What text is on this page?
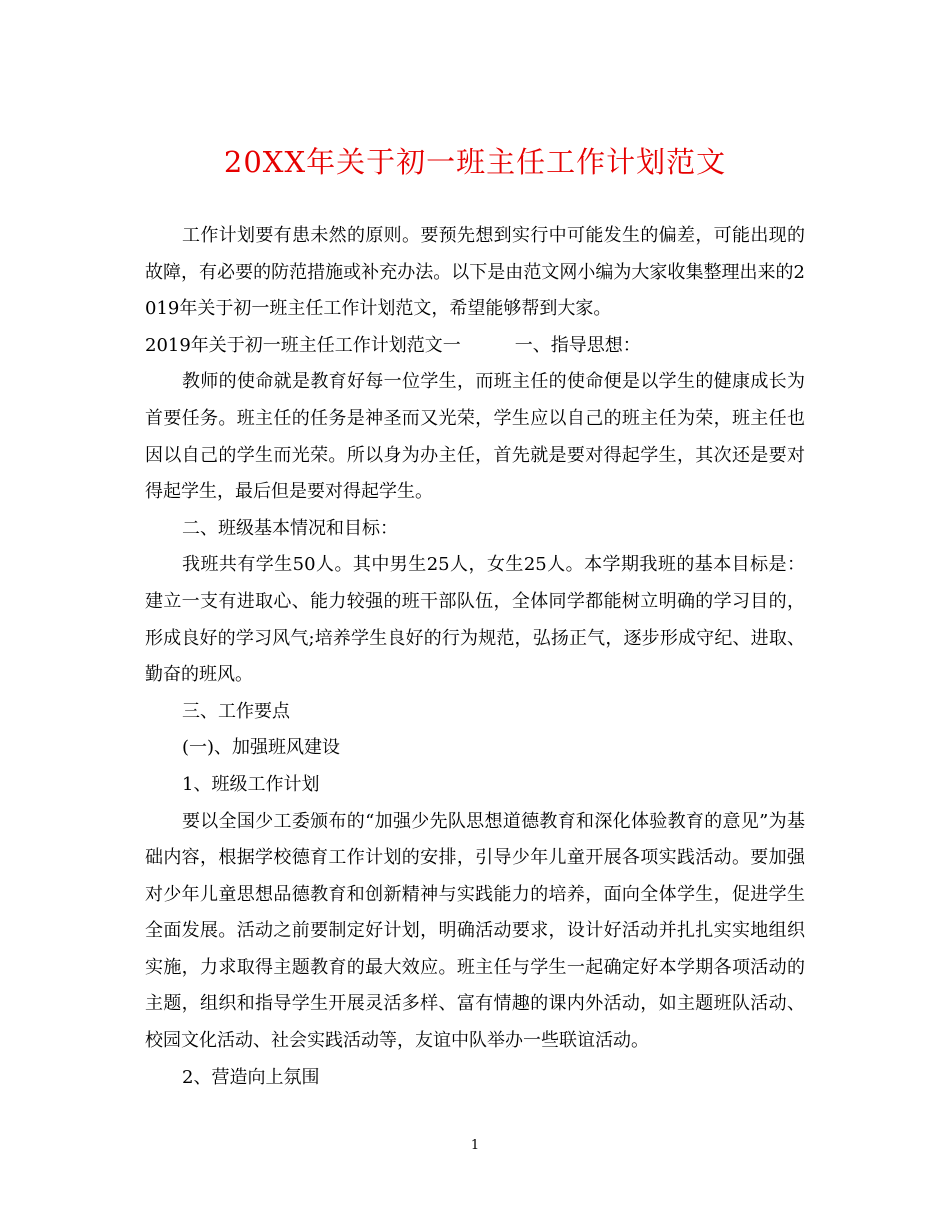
20XX年关于初一班主任工作计划范文

工作计划要有患未然的原则。要预先想到实行中可能发生的偏差，可能出现的故障，有必要的防范措施或补充办法。以下是由范文网小编为大家收集整理出来的2019年关于初一班主任工作计划范文，希望能够帮到大家。

2019年关于初一班主任工作计划范文一　　　一、指导思想：

教师的使命就是教育好每一位学生，而班主任的使命便是以学生的健康成长为首要任务。班主任的任务是神圣而又光荣，学生应以自己的班主任为荣，班主任也因以自己的学生而光荣。所以身为办主任，首先就是要对得起学生，其次还是要对得起学生，最后但是要对得起学生。

二、班级基本情况和目标：

我班共有学生50人。其中男生25人，女生25人。本学期我班的基本目标是：建立一支有进取心、能力较强的班干部队伍，全体同学都能树立明确的学习目的，形成良好的学习风气;培养学生良好的行为规范，弘扬正气，逐步形成守纪、进取、勤奋的班风。

三、工作要点

(一)、加强班风建设

1、班级工作计划

要以全国少工委颁布的“加强少先队思想道德教育和深化体验教育的意见”为基础内容，根据学校德育工作计划的安排，引导少年儿童开展各项实践活动。要加强对少年儿童思想品德教育和创新精神与实践能力的培养，面向全体学生，促进学生全面发展。活动之前要制定好计划，明确活动要求，设计好活动并扎扎实实地组织实施，力求取得主题教育的最大效应。班主任与学生一起确定好本学期各项活动的主题，组织和指导学生开展灵活多样、富有情趣的课内外活动，如主题班队活动、校园文化活动、社会实践活动等，友谊中队举办一些联谊活动。

2、营造向上氛围

1
